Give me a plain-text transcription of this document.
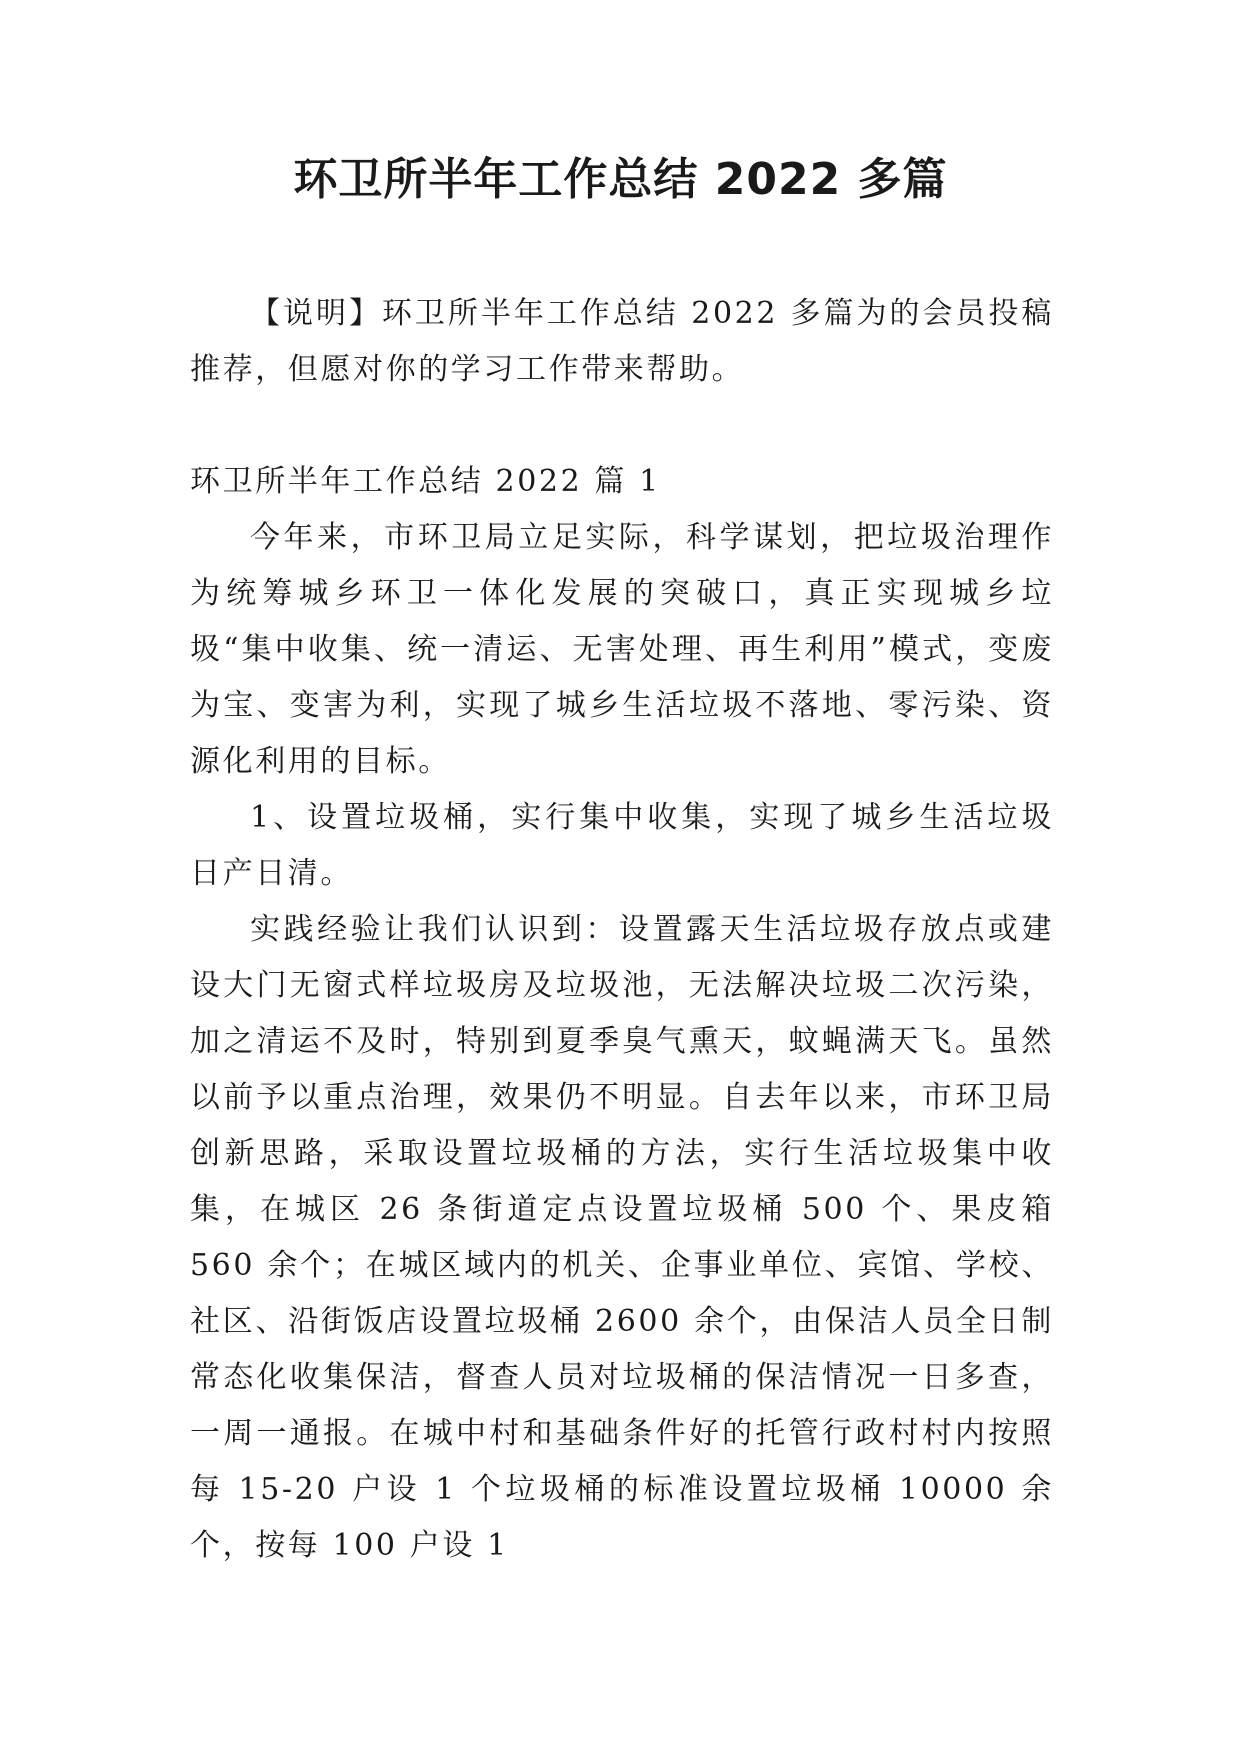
环卫所半年工作总结 2022 多篇

【说明】环卫所半年工作总结 2022 多篇为的会员投稿推荐，但愿对你的学习工作带来帮助。

环卫所半年工作总结 2022 篇 1

今年来，市环卫局立足实际，科学谋划，把垃圾治理作为统筹城乡环卫一体化发展的突破口，真正实现城乡垃圾“集中收集、统一清运、无害处理、再生利用”模式，变废为宝、变害为利，实现了城乡生活垃圾不落地、零污染、资源化利用的目标。

1、设置垃圾桶，实行集中收集，实现了城乡生活垃圾日产日清。

实践经验让我们认识到：设置露天生活垃圾存放点或建设大门无窗式样垃圾房及垃圾池，无法解决垃圾二次污染，加之清运不及时，特别到夏季臭气熏天，蚊蝇满天飞。虽然以前予以重点治理，效果仍不明显。自去年以来，市环卫局创新思路，采取设置垃圾桶的方法，实行生活垃圾集中收集，在城区 26 条街道定点设置垃圾桶 500 个、果皮箱 560 余个；在城区域内的机关、企事业单位、宾馆、学校、社区、沿街饭店设置垃圾桶 2600 余个，由保洁人员全日制常态化收集保洁，督查人员对垃圾桶的保洁情况一日多查，一周一通报。在城中村和基础条件好的托管行政村村内按照每 15-20 户设 1 个垃圾桶的标准设置垃圾桶 10000 余个，按每 100 户设 1
